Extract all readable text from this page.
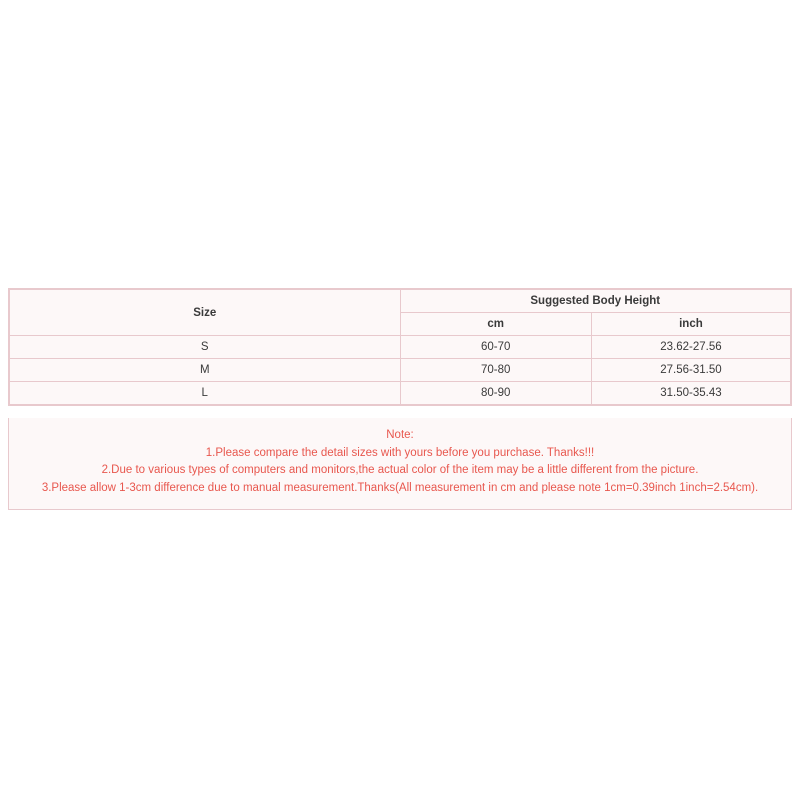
Size	Suggested Body Height	
	cm	inch
S	60-70	23.62-27.56
M	70-80	27.56-31.50
L	80-90	31.50-35.43
Note:
1.Please compare the detail sizes with yours before you purchase. Thanks!!!
2.Due to various types of computers and monitors,the actual color of the item may be a little different from the picture.
3.Please allow 1-3cm difference due to manual measurement.Thanks(All measurement in cm and please note 1cm=0.39inch 1inch=2.54cm).
